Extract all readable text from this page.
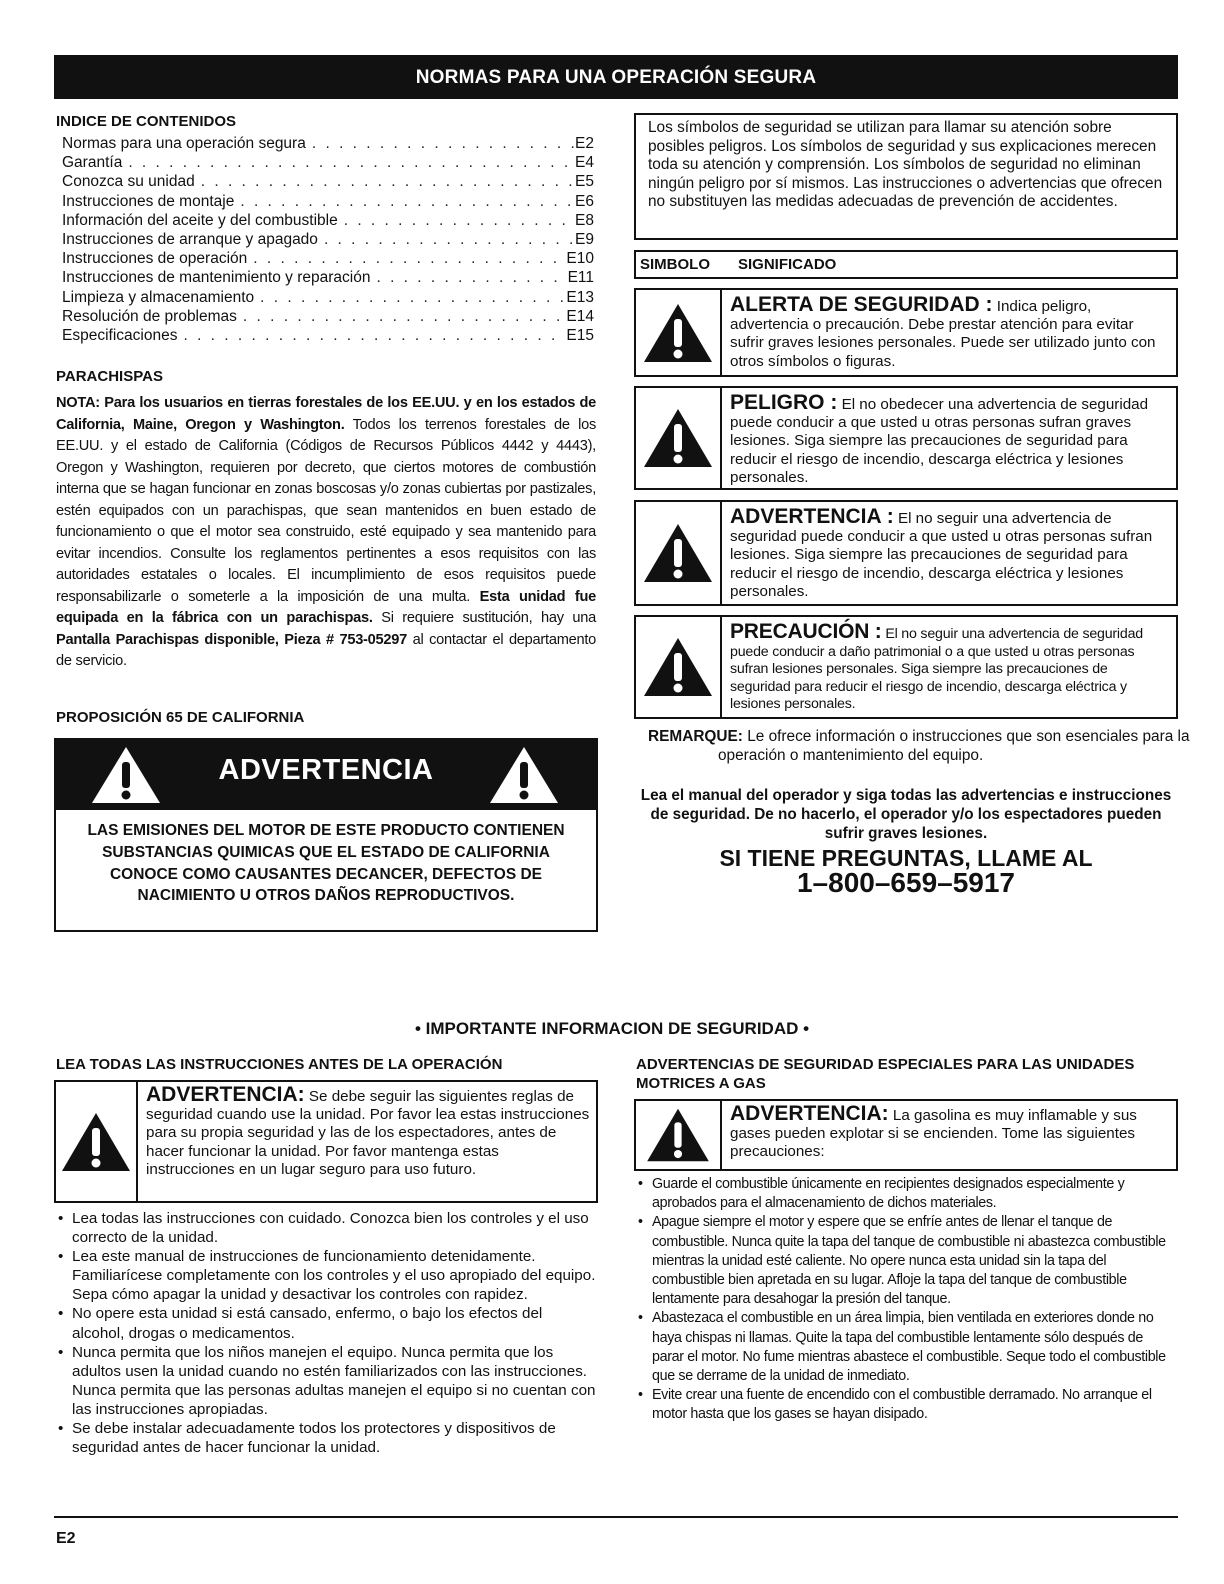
NORMAS PARA UNA OPERACIÓN SEGURA
INDICE DE CONTENIDOS
Normas para una operación segura . . .	E2
Garantía . . .	E4
Conozca su unidad . . .	E5
Instrucciones de montaje . . .	E6
Información del aceite y del combustible . . .	E8
Instrucciones de arranque y apagado . . .	E9
Instrucciones de operación . . .	E10
Instrucciones de mantenimiento y reparación . . .	E11
Limpieza y almacenamiento . . .	E13
Resolución de problemas . . .	E14
Especificaciones . . .	E15
PARACHISPAS
NOTA: Para los usuarios en tierras forestales de los EE.UU. y en los estados de California, Maine, Oregon y Washington. Todos los terrenos forestales de los EE.UU. y el estado de California (Códigos de Recursos Públicos 4442 y 4443), Oregon y Washington, requieren por decreto, que ciertos motores de combustión interna que se hagan funcionar en zonas boscosas y/o zonas cubiertas por pastizales, estén equipados con un parachispas, que sean mantenidos en buen estado de funcionamiento o que el motor sea construido, esté equipado y sea mantenido para evitar incendios. Consulte los reglamentos pertinentes a esos requisitos con las autoridades estatales o locales. El incumplimiento de esos requisitos puede responsabilizarle o someterle a la imposición de una multa. Esta unidad fue equipada en la fábrica con un parachispas. Si requiere sustitución, hay una Pantalla Parachispas disponible, Pieza # 753-05297 al contactar el departamento de servicio.
PROPOSICIÓN 65 DE CALIFORNIA
ADVERTENCIA
LAS EMISIONES DEL MOTOR DE ESTE PRODUCTO CONTIENEN SUBSTANCIAS QUIMICAS QUE EL ESTADO DE CALIFORNIA CONOCE COMO CAUSANTES DECANCER, DEFECTOS DE NACIMIENTO U OTROS DAÑOS REPRODUCTIVOS.
Los símbolos de seguridad se utilizan para llamar su atención sobre posibles peligros. Los símbolos de seguridad y sus explicaciones merecen toda su atención y comprensión. Los símbolos de seguridad no eliminan ningún peligro por sí mismos. Las instrucciones o advertencias que ofrecen no substituyen las medidas adecuadas de prevención de accidentes.
SIMBOLO SIGNIFICADO
ALERTA DE SEGURIDAD : Indica peligro, advertencia o precaución. Debe prestar atención para evitar sufrir graves lesiones personales. Puede ser utilizado junto con otros símbolos o figuras.
PELIGRO : El no obedecer una advertencia de seguridad puede conducir a que usted u otras personas sufran graves lesiones. Siga siempre las precauciones de seguridad para reducir el riesgo de incendio, descarga eléctrica y lesiones personales.
ADVERTENCIA : El no seguir una advertencia de seguridad puede conducir a que usted u otras personas sufran lesiones. Siga siempre las precauciones de seguridad para reducir el riesgo de incendio, descarga eléctrica y lesiones personales.
PRECAUCIÓN : El no seguir una advertencia de seguridad puede conducir a daño patrimonial o a que usted u otras personas sufran lesiones personales. Siga siempre las precauciones de seguridad para reducir el riesgo de incendio, descarga eléctrica y lesiones personales.
REMARQUE: Le ofrece información o instrucciones que son esenciales para la operación o mantenimiento del equipo.
Lea el manual del operador y siga todas las advertencias e instrucciones de seguridad. De no hacerlo, el operador y/o los espectadores pueden sufrir graves lesiones.
SI TIENE PREGUNTAS, LLAME AL
1–800–659–5917
• IMPORTANTE INFORMACION DE SEGURIDAD •
LEA TODAS LAS INSTRUCCIONES ANTES DE LA OPERACIÓN
ADVERTENCIA: Se debe seguir las siguientes reglas de seguridad cuando use la unidad. Por favor lea estas instrucciones para su propia seguridad y las de los espectadores, antes de hacer funcionar la unidad. Por favor mantenga estas instrucciones en un lugar seguro para uso futuro.
• Lea todas las instrucciones con cuidado. Conozca bien los controles y el uso correcto de la unidad.
• Lea este manual de instrucciones de funcionamiento detenidamente. Familiarícese completamente con los controles y el uso apropiado del equipo. Sepa cómo apagar la unidad y desactivar los controles con rapidez.
• No opere esta unidad si está cansado, enfermo, o bajo los efectos del alcohol, drogas o medicamentos.
• Nunca permita que los niños manejen el equipo. Nunca permita que los adultos usen la unidad cuando no estén familiarizados con las instrucciones. Nunca permita que las personas adultas manejen el equipo si no cuentan con las instrucciones apropiadas.
• Se debe instalar adecuadamente todos los protectores y dispositivos de seguridad antes de hacer funcionar la unidad.
ADVERTENCIAS DE SEGURIDAD ESPECIALES PARA LAS UNIDADES MOTRICES A GAS
ADVERTENCIA: La gasolina es muy inflamable y sus gases pueden explotar si se encienden. Tome las siguientes precauciones:
• Guarde el combustible únicamente en recipientes designados especialmente y aprobados para el almacenamiento de dichos materiales.
• Apague siempre el motor y espere que se enfríe antes de llenar el tanque de combustible. Nunca quite la tapa del tanque de combustible ni abastezca combustible mientras la unidad esté caliente. No opere nunca esta unidad sin la tapa del combustible bien apretada en su lugar. Afloje la tapa del tanque de combustible lentamente para desahogar la presión del tanque.
• Abastezaca el combustible en un área limpia, bien ventilada en exteriores donde no haya chispas ni llamas. Quite la tapa del combustible lentamente sólo después de parar el motor. No fume mientras abastece el combustible. Seque todo el combustible que se derrame de la unidad de inmediato.
• Evite crear una fuente de encendido con el combustible derramado. No arranque el motor hasta que los gases se hayan disipado.
E2
